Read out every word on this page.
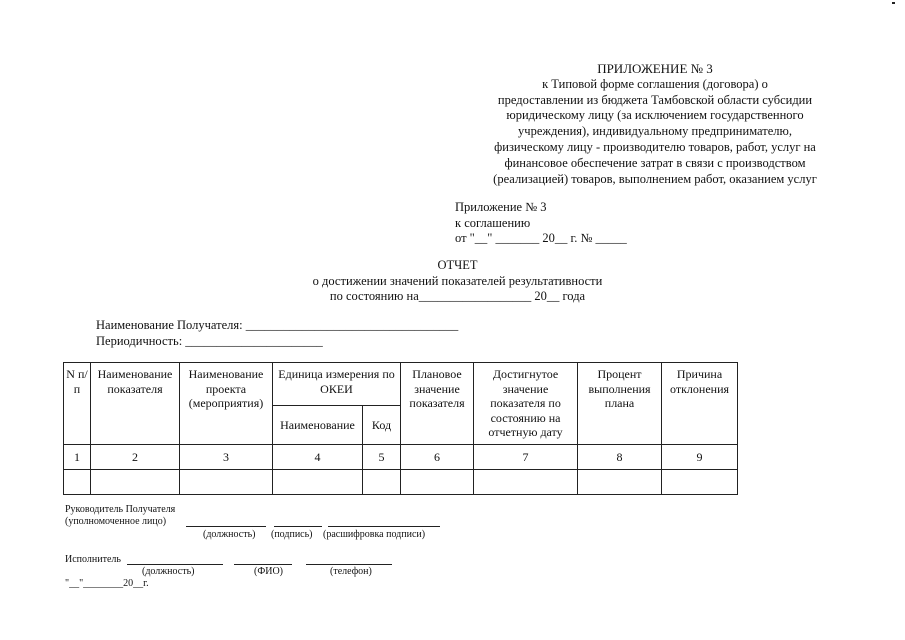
ПРИЛОЖЕНИЕ № 3
к Типовой форме соглашения (договора) о
предоставлении из бюджета Тамбовской области субсидии
юридическому лицу (за исключением государственного
учреждения), индивидуальному предпринимателю,
физическому лицу - производителю товаров, работ, услуг на
финансовое обеспечение затрат в связи с производством
(реализацией) товаров, выполнением работ, оказанием услуг
Приложение № 3
к соглашению
от "__" _______ 20__ г. № _____
ОТЧЕТ
о достижении значений показателей результативности
по состоянию на__________________ 20__ года
Наименование Получателя: __________________________________
Периодичность: ______________________
N п/п	Наименование показателя	Наименование проекта (мероприятия)	Единица измерения по ОКЕИ		Плановое значение показателя	Достигнутое значение показателя по состоянию на отчетную дату	Процент выполнения плана	Причина отклонения
			Наименование	Код				
1	2	3	4	5	6	7	8	9

Руководитель Получателя
(уполномоченное лицо)
(должность) (подпись) (расшифровка подписи)
Исполнитель
(должность)	(ФИО)	(телефон)
"__"________20__г.
